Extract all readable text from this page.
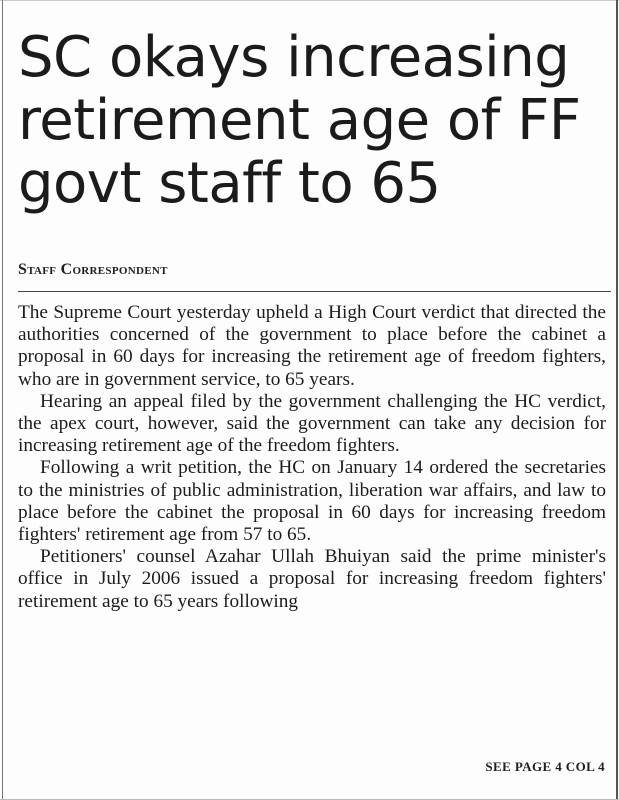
SC okays increasing
retirement age of FF
govt staff to 65
Staff Correspondent

The Supreme Court yesterday upheld a High Court verdict that directed the authorities concerned of the government to place before the cabinet a proposal in 60 days for increasing the retirement age of freedom fighters, who are in government service, to 65 years.

Hearing an appeal filed by the government challenging the HC verdict, the apex court, however, said the government can take any decision for increasing retirement age of the freedom fighters.

Following a writ petition, the HC on January 14 ordered the secretaries to the ministries of public administration, liberation war affairs, and law to place before the cabinet the proposal in 60 days for increasing freedom fighters' retirement age from 57 to 65.

Petitioners' counsel Azahar Ullah Bhuiyan said the prime minister's office in July 2006 issued a proposal for increasing freedom fighters' retirement age to 65 years following

SEE PAGE 4 COL 4
